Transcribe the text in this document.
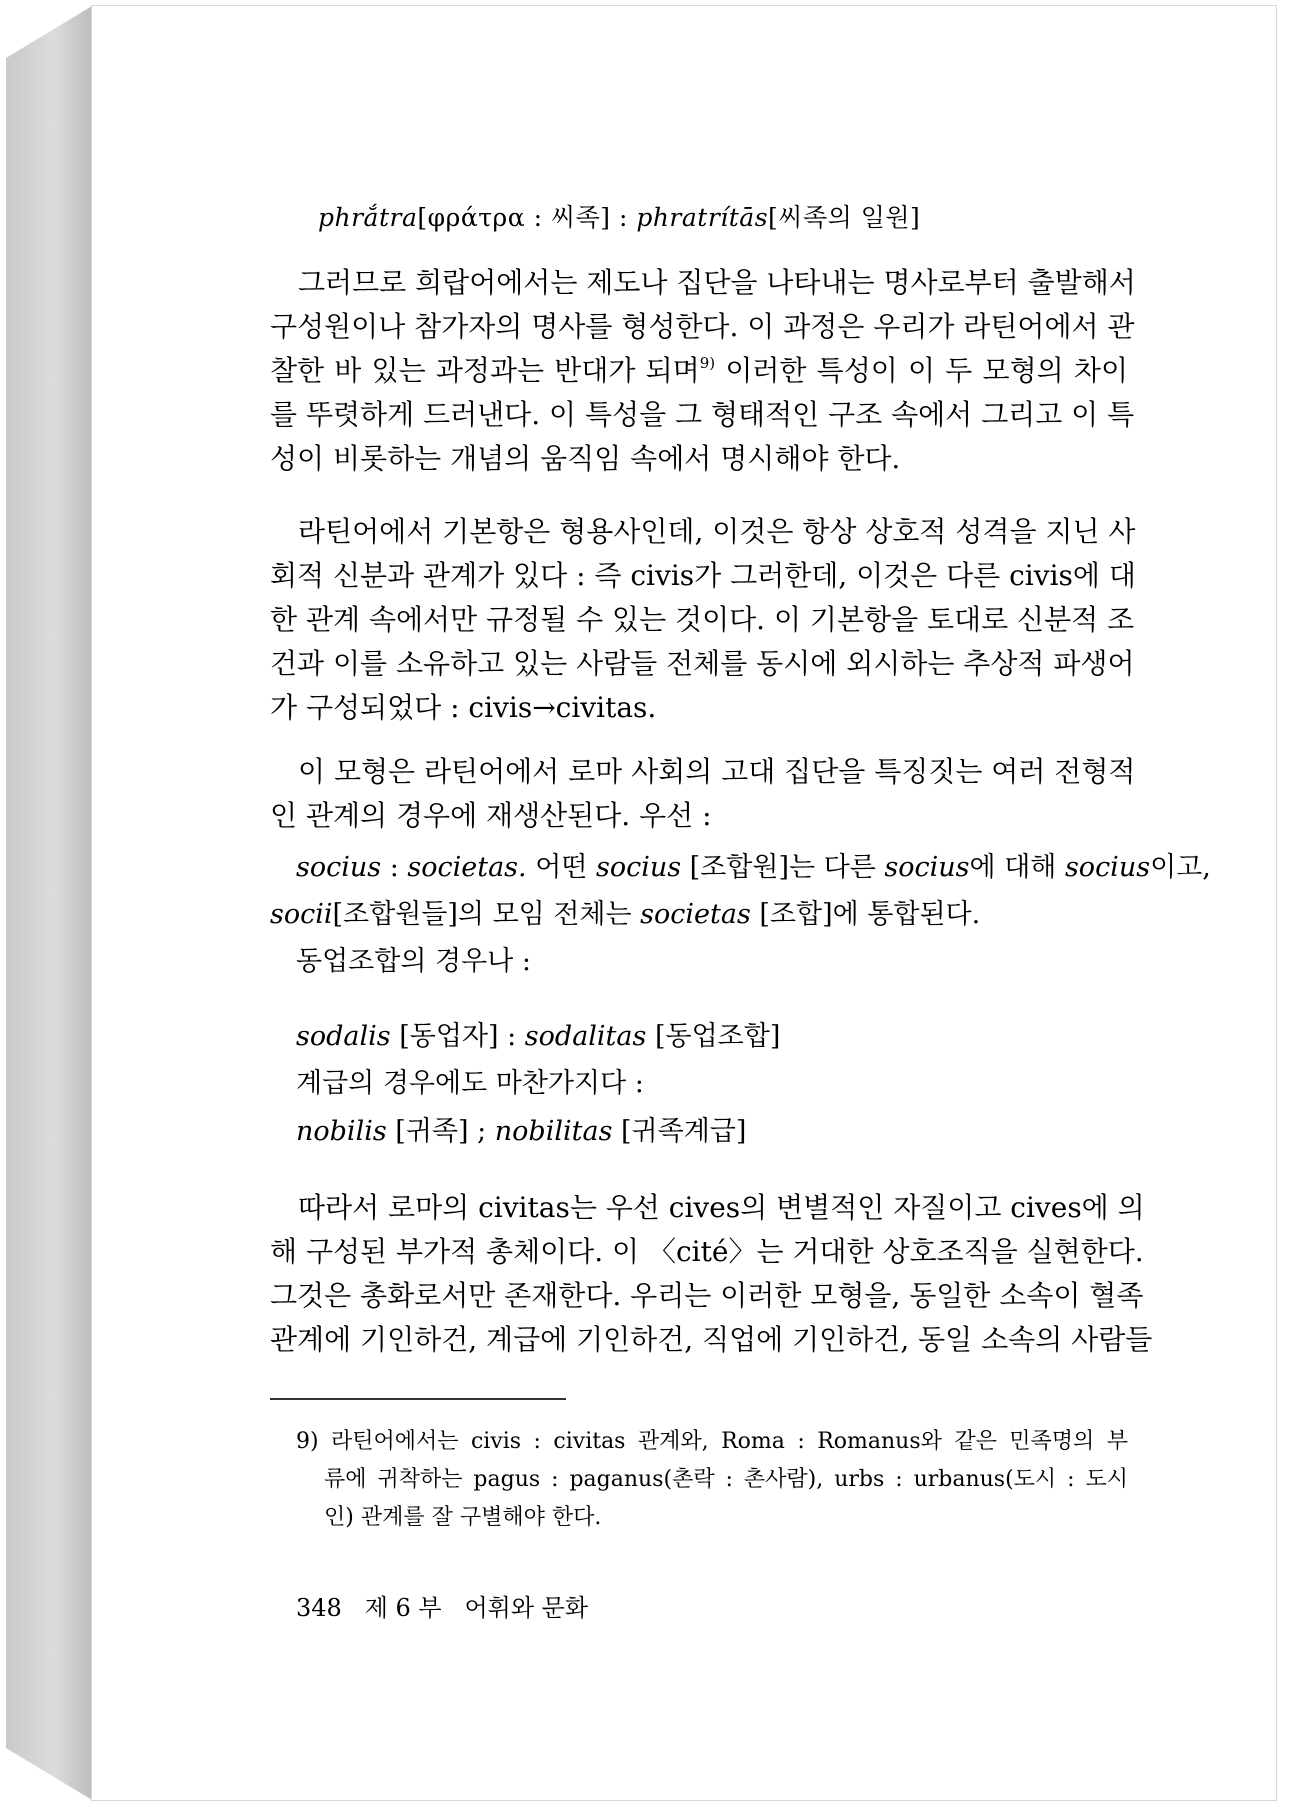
phrắtra[φράτρα : 씨족] : phratrítās[씨족의 일원]
그러므로 희랍어에서는 제도나 집단을 나타내는 명사로부터 출발해서
구성원이나 참가자의 명사를 형성한다. 이 과정은 우리가 라틴어에서 관
찰한 바 있는 과정과는 반대가 되며$^{9)}$ 이러한 특성이 이 두 모형의 차이
를 뚜렷하게 드러낸다. 이 특성을 그 형태적인 구조 속에서 그리고 이 특
성이 비롯하는 개념의 움직임 속에서 명시해야 한다.
라틴어에서 기본항은 형용사인데, 이것은 항상 상호적 성격을 지닌 사
회적 신분과 관계가 있다 : 즉 civis가 그러한데, 이것은 다른 civis에 대
한 관계 속에서만 규정될 수 있는 것이다. 이 기본항을 토대로 신분적 조
건과 이를 소유하고 있는 사람들 전체를 동시에 외시하는 추상적 파생어
가 구성되었다 : civis→civitas.
이 모형은 라틴어에서 로마 사회의 고대 집단을 특징짓는 여러 전형적
인 관계의 경우에 재생산된다. 우선 :
socius : societas. 어떤 socius [조합원]는 다른 socius에 대해 socius이고,
socii[조합원들]의 모임 전체는 societas [조합]에 통합된다.
동업조합의 경우나 :
sodalis [동업자] : sodalitas [동업조합]
계급의 경우에도 마찬가지다 :
nobilis [귀족] ; nobilitas [귀족계급]
따라서 로마의 civitas는 우선 cives의 변별적인 자질이고 cives에 의
해 구성된 부가적 총체이다. 이 〈cité〉는 거대한 상호조직을 실현한다.
그것은 총화로서만 존재한다. 우리는 이러한 모형을, 동일한 소속이 혈족
관계에 기인하건, 계급에 기인하건, 직업에 기인하건, 동일 소속의 사람들
9) 라틴어에서는 civis : civitas 관계와, Roma : Romanus와 같은 민족명의 부
류에 귀착하는 pagus : paganus(촌락 : 촌사람), urbs : urbanus(도시 : 도시
인) 관계를 잘 구별해야 한다.
348   제 6 부   어휘와 문화
